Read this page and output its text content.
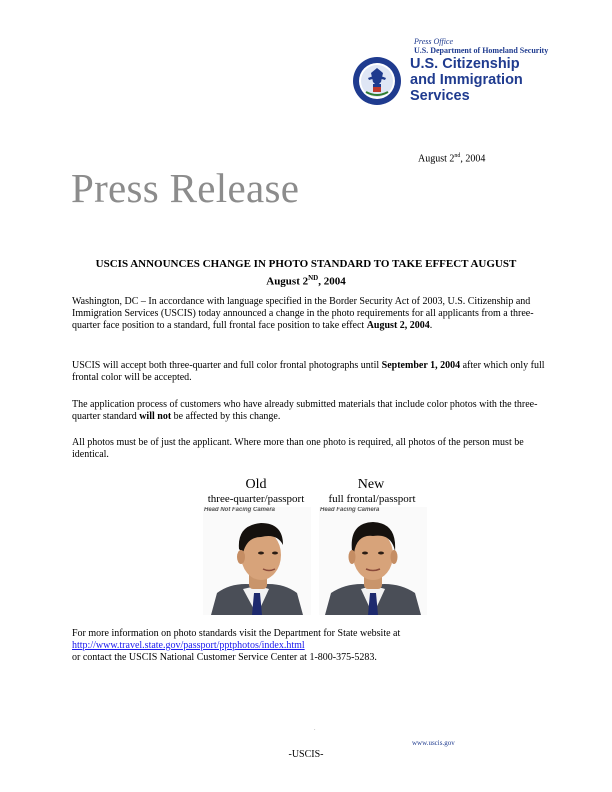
Press Office
U.S. Department of Homeland Security
U.S. Citizenship
and Immigration
Services
August 2nd, 2004
Press Release
USCIS ANNOUNCES CHANGE IN PHOTO STANDARD TO TAKE EFFECT AUGUST
August 2ND, 2004
Washington, DC – In accordance with language specified in the Border Security Act of 2003, U.S. Citizenship and Immigration Services (USCIS) today announced a change in the photo requirements for all applicants from a three-quarter face position to a standard, full frontal face position to take effect August 2, 2004.
USCIS will accept both three-quarter and full color frontal photographs until September 1, 2004 after which only full frontal color will be accepted.
The application process of customers who have already submitted materials that include color photos with the three-quarter standard will not be affected by this change.
All photos must be of just the applicant. Where more than one photo is required, all photos of the person must be identical.
Old	New
three-quarter/passport	full frontal/passport
Head Not Facing Camera	Head Facing Camera
For more information on photo standards visit the Department for State website at
http://www.travel.state.gov/passport/pptphotos/index.html
or contact the USCIS National Customer Service Center at 1-800-375-5283.
.
www.uscis.gov
-USCIS-
